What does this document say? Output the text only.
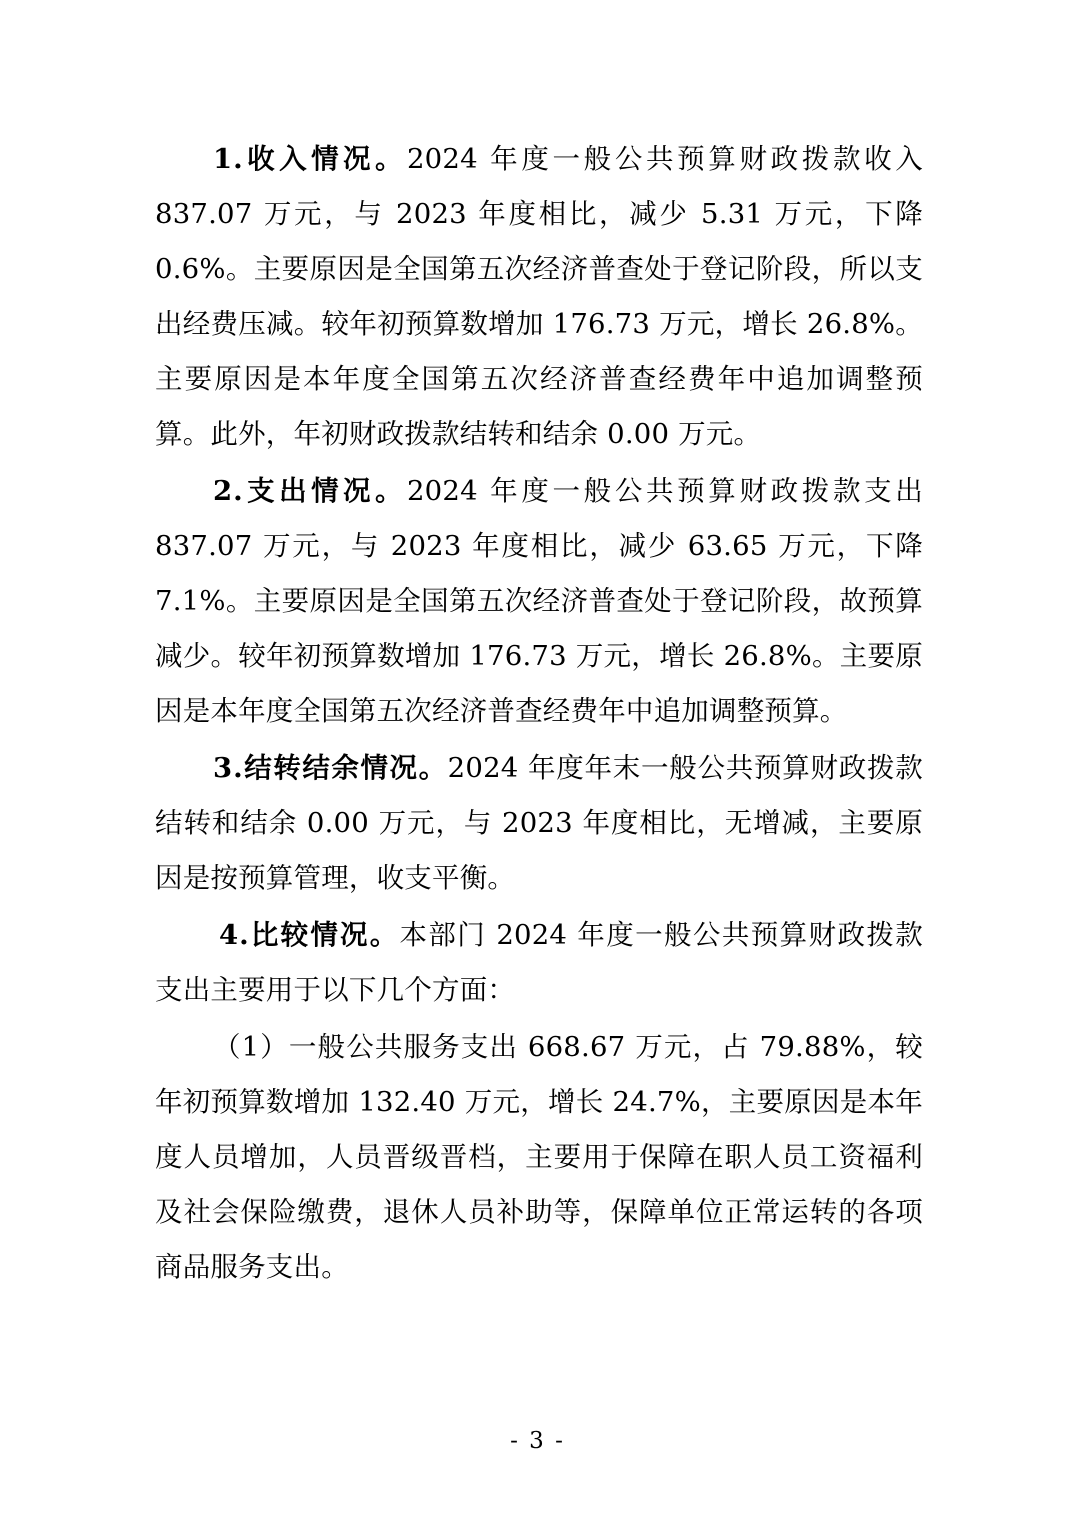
1.收入情况。2024 年度一般公共预算财政拨款收入 837.07 万元，与 2023 年度相比，减少 5.31 万元，下降 0.6%。主要原因是全国第五次经济普查处于登记阶段，所以支出经费压减。较年初预算数增加 176.73 万元，增长 26.8%。主要原因是本年度全国第五次经济普查经费年中追加调整预算。此外，年初财政拨款结转和结余 0.00 万元。

2.支出情况。2024 年度一般公共预算财政拨款支出 837.07 万元，与 2023 年度相比，减少 63.65 万元，下降 7.1%。主要原因是全国第五次经济普查处于登记阶段，故预算减少。较年初预算数增加 176.73 万元，增长 26.8%。主要原因是本年度全国第五次经济普查经费年中追加调整预算。

3.结转结余情况。2024 年度年末一般公共预算财政拨款结转和结余 0.00 万元，与 2023 年度相比，无增减，主要原因是按预算管理，收支平衡。

4.比较情况。本部门 2024 年度一般公共预算财政拨款支出主要用于以下几个方面：

（1）一般公共服务支出 668.67 万元，占 79.88%，较年初预算数增加 132.40 万元，增长 24.7%，主要原因是本年度人员增加，人员晋级晋档，主要用于保障在职人员工资福利及社会保险缴费，退休人员补助等，保障单位正常运转的各项商品服务支出。

- 3 -
